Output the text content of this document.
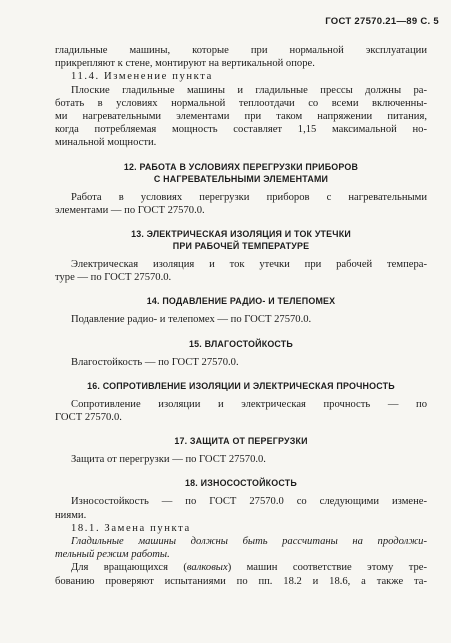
ГОСТ 27570.21—89 С. 5

гладильные машины, которые при нормальной эксплуатации

прикрепляют к стене, монтируют на вертикальной опоре.

11.4. Изменение пункта

Плоские гладильные машины и гладильные прессы должны ра-

ботать в условиях нормальной теплоотдачи со всеми включенны-

ми нагревательными элементами при таком напряжении питания,

когда потребляемая мощность составляет 1,15 максимальной но-

минальной мощности.

12. РАБОТА В УСЛОВИЯХ ПЕРЕГРУЗКИ ПРИБОРОВ
С НАГРЕВАТЕЛЬНЫМИ ЭЛЕМЕНТАМИ

Работа в условиях перегрузки приборов с нагревательными

элементами — по ГОСТ 27570.0.

13. ЭЛЕКТРИЧЕСКАЯ ИЗОЛЯЦИЯ И ТОК УТЕЧКИ
ПРИ РАБОЧЕЙ ТЕМПЕРАТУРЕ

Электрическая изоляция и ток утечки при рабочей темпера-

туре — по ГОСТ 27570.0.

14. ПОДАВЛЕНИЕ РАДИО- И ТЕЛЕПОМЕХ

Подавление радио- и телепомех — по ГОСТ 27570.0.

15. ВЛАГОСТОЙКОСТЬ

Влагостойкость — по ГОСТ 27570.0.

16. СОПРОТИВЛЕНИЕ ИЗОЛЯЦИИ И ЭЛЕКТРИЧЕСКАЯ ПРОЧНОСТЬ

Сопротивление изоляции и электрическая прочность — по

ГОСТ 27570.0.

17. ЗАЩИТА ОТ ПЕРЕГРУЗКИ

Защита от перегрузки — по ГОСТ 27570.0.

18. ИЗНОСОСТОЙКОСТЬ

Износостойкость — по ГОСТ 27570.0 со следующими измене-

ниями.

18.1. Замена пункта

Гладильные машины должны быть рассчитаны на продолжи-

тельный режим работы.

Для вращающихся (валковых) машин соответствие этому тре-

бованию проверяют испытаниями по пп. 18.2 и 18.6, а также та-
